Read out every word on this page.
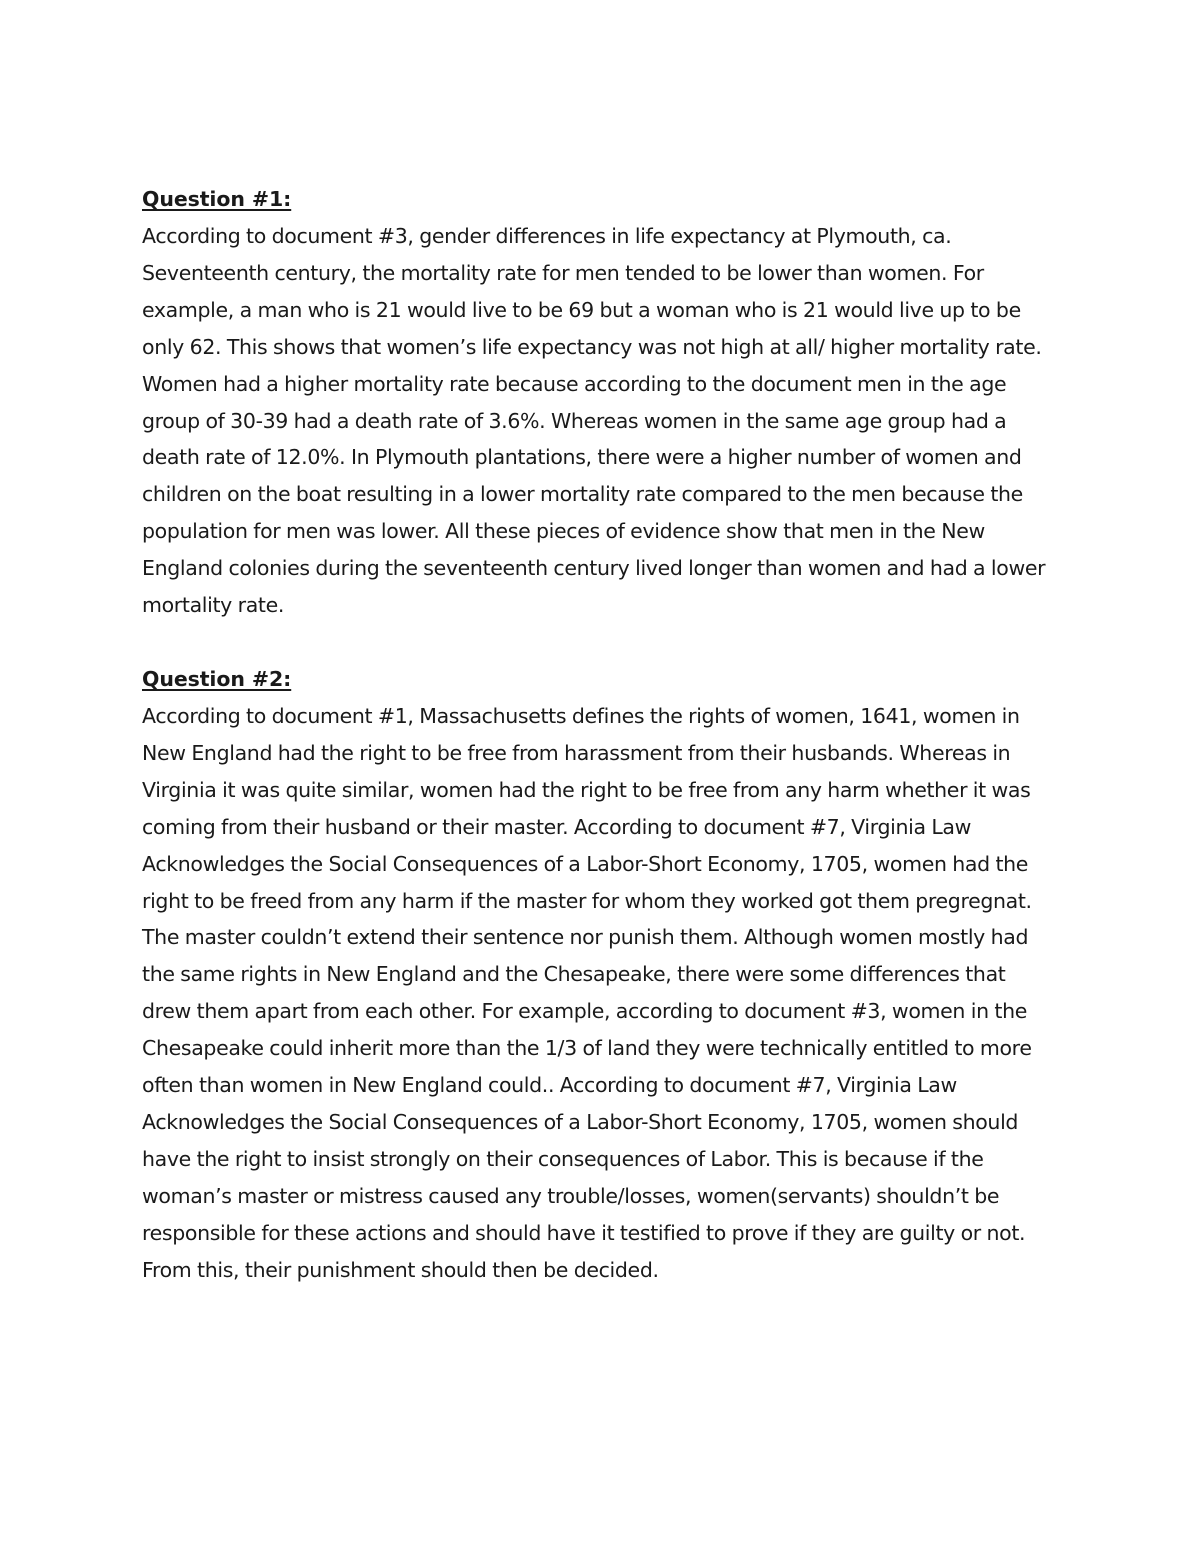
Question #1:

According to document #3, gender differences in life expectancy at Plymouth, ca. Seventeenth century, the mortality rate for men tended to be lower than women. For example, a man who is 21 would live to be 69 but a woman who is 21 would live up to be only 62. This shows that women’s life expectancy was not high at all/ higher mortality rate. Women had a higher mortality rate because according to the document men in the age group of 30-39 had a death rate of 3.6%. Whereas women in the same age group had a death rate of 12.0%. In Plymouth plantations, there were a higher number of women and children on the boat resulting in a lower mortality rate compared to the men because the population for men was lower. All these pieces of evidence show that men in the New England colonies during the seventeenth century lived longer than women and had a lower mortality rate.

Question #2:

According to document #1, Massachusetts defines the rights of women, 1641, women in New England had the right to be free from harassment from their husbands. Whereas in Virginia it was quite similar, women had the right to be free from any harm whether it was coming from their husband or their master. According to document #7, Virginia Law Acknowledges the Social Consequences of a Labor-Short Economy, 1705, women had the right to be freed from any harm if the master for whom they worked got them pregregnat. The master couldn’t extend their sentence nor punish them. Although women mostly had the same rights in New England and the Chesapeake, there were some differences that drew them apart from each other. For example, according to document #3, women in the Chesapeake could inherit more than the 1/3 of land they were technically entitled to more often than women in New England could.. According to document #7, Virginia Law Acknowledges the Social Consequences of a Labor-Short Economy, 1705, women should have the right to insist strongly on their consequences of Labor. This is because if the woman’s master or mistress caused any trouble/losses, women(servants) shouldn’t be responsible for these actions and should have it testified to prove if they are guilty or not. From this, their punishment should then be decided.
